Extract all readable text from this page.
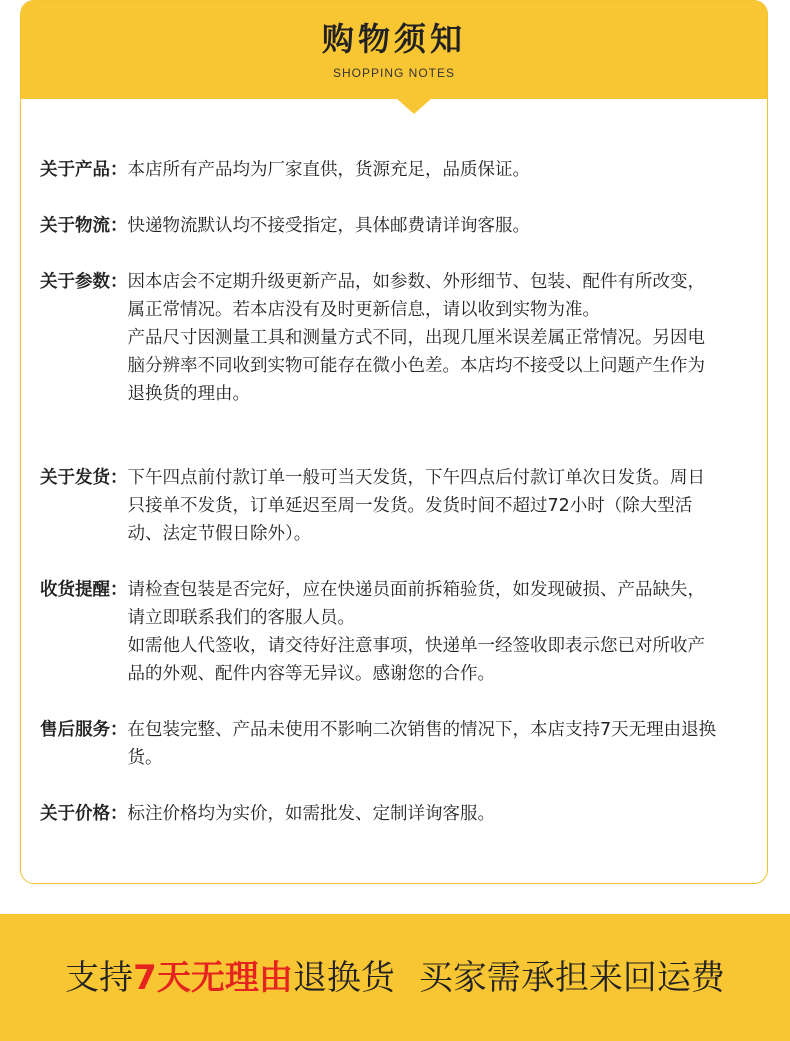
购物须知
SHOPPING NOTES
关于产品： 本店所有产品均为厂家直供，货源充足，品质保证。

关于物流： 快递物流默认均不接受指定，具体邮费请详询客服。

关于参数： 因本店会不定期升级更新产品，如参数、外形细节、包装、配件有所改变，属正常情况。若本店没有及时更新信息，请以收到实物为准。

产品尺寸因测量工具和测量方式不同，出现几厘米误差属正常情况。另因电脑分辨率不同收到实物可能存在微小色差。本店均不接受以上问题产生作为退换货的理由。

关于发货： 下午四点前付款订单一般可当天发货，下午四点后付款订单次日发货。周日只接单不发货，订单延迟至周一发货。发货时间不超过72小时（除大型活动、法定节假日除外）。

收货提醒： 请检查包装是否完好，应在快递员面前拆箱验货，如发现破损、产品缺失，请立即联系我们的客服人员。

如需他人代签收，请交待好注意事项，快递单一经签收即表示您已对所收产品的外观、配件内容等无异议。感谢您的合作。

售后服务： 在包装完整、产品未使用不影响二次销售的情况下，本店支持7天无理由退换货。

关于价格： 标注价格均为实价，如需批发、定制详询客服。

支持7天无理由退换货 买家需承担来回运费
